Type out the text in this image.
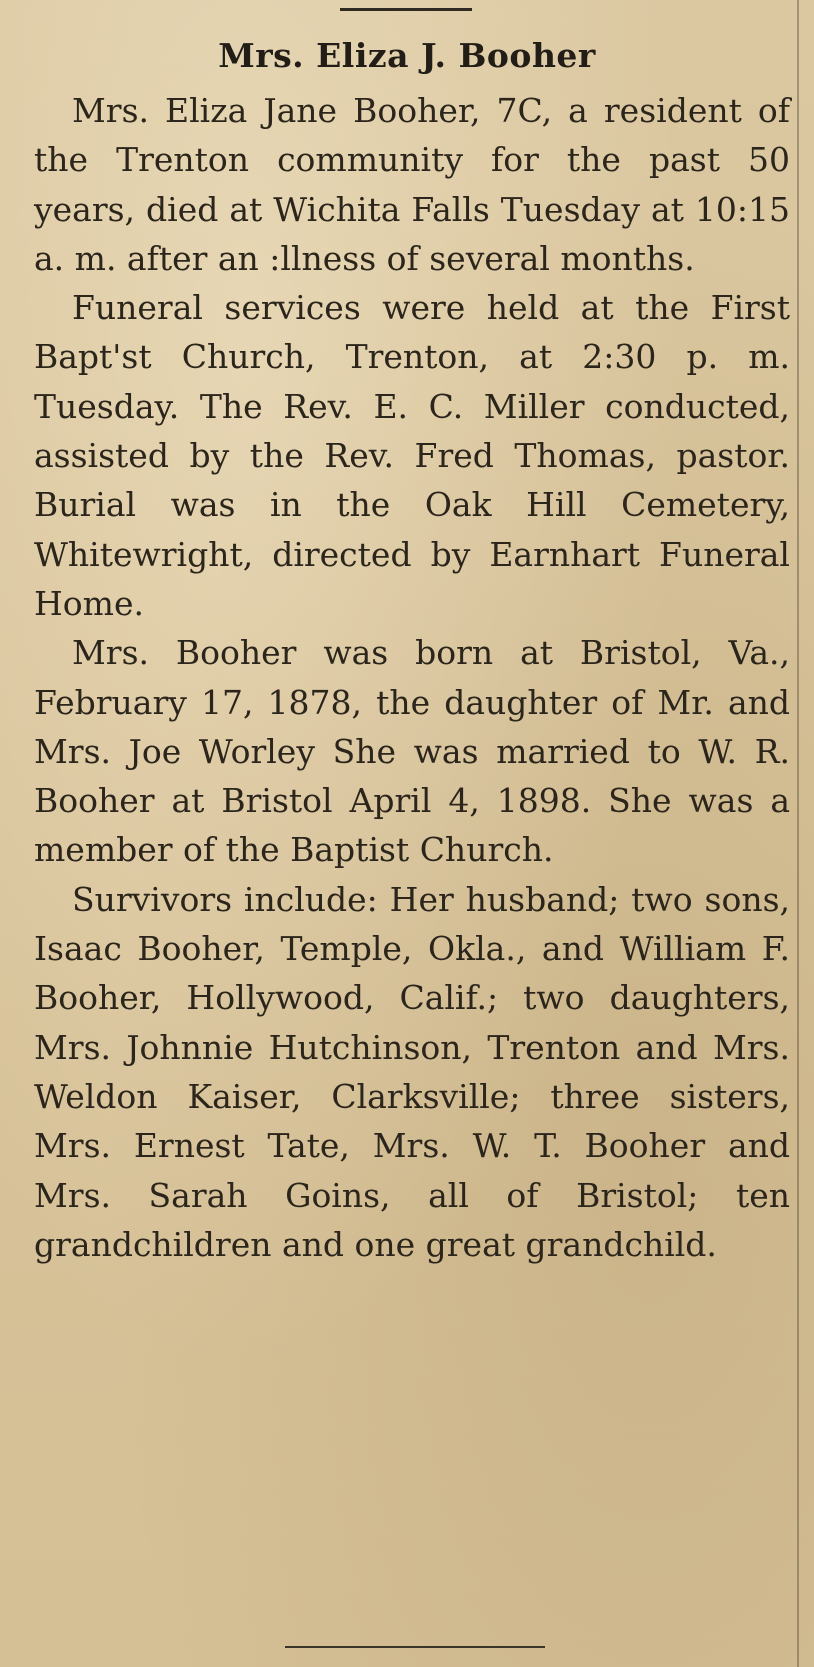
Mrs. Eliza J. Booher

Mrs. Eliza Jane Booher, 7C, a resident of the Trenton community for the past 50 years, died at Wichita Falls Tuesday at 10:15 a. m. after an :llness of several months.

Funeral services were held at the First Bapt'st Church, Trenton, at 2:30 p. m. Tuesday. The Rev. E. C. Miller conducted, assisted by the Rev. Fred Thomas, pastor. Burial was in the Oak Hill Cemetery, Whitewright, directed by Earnhart Funeral Home.

Mrs. Booher was born at Bristol, Va., February 17, 1878, the daughter of Mr. and Mrs. Joe Worley She was married to W. R. Booher at Bristol April 4, 1898. She was a member of the Baptist Church.

Survivors include: Her husband; two sons, Isaac Booher, Temple, Okla., and William F. Booher, Hollywood, Calif.; two daughters, Mrs. Johnnie Hutchinson, Trenton and Mrs. Weldon Kaiser, Clarksville; three sisters, Mrs. Ernest Tate, Mrs. W. T. Booher and Mrs. Sarah Goins, all of Bristol; ten grandchildren and one great grandchild.
